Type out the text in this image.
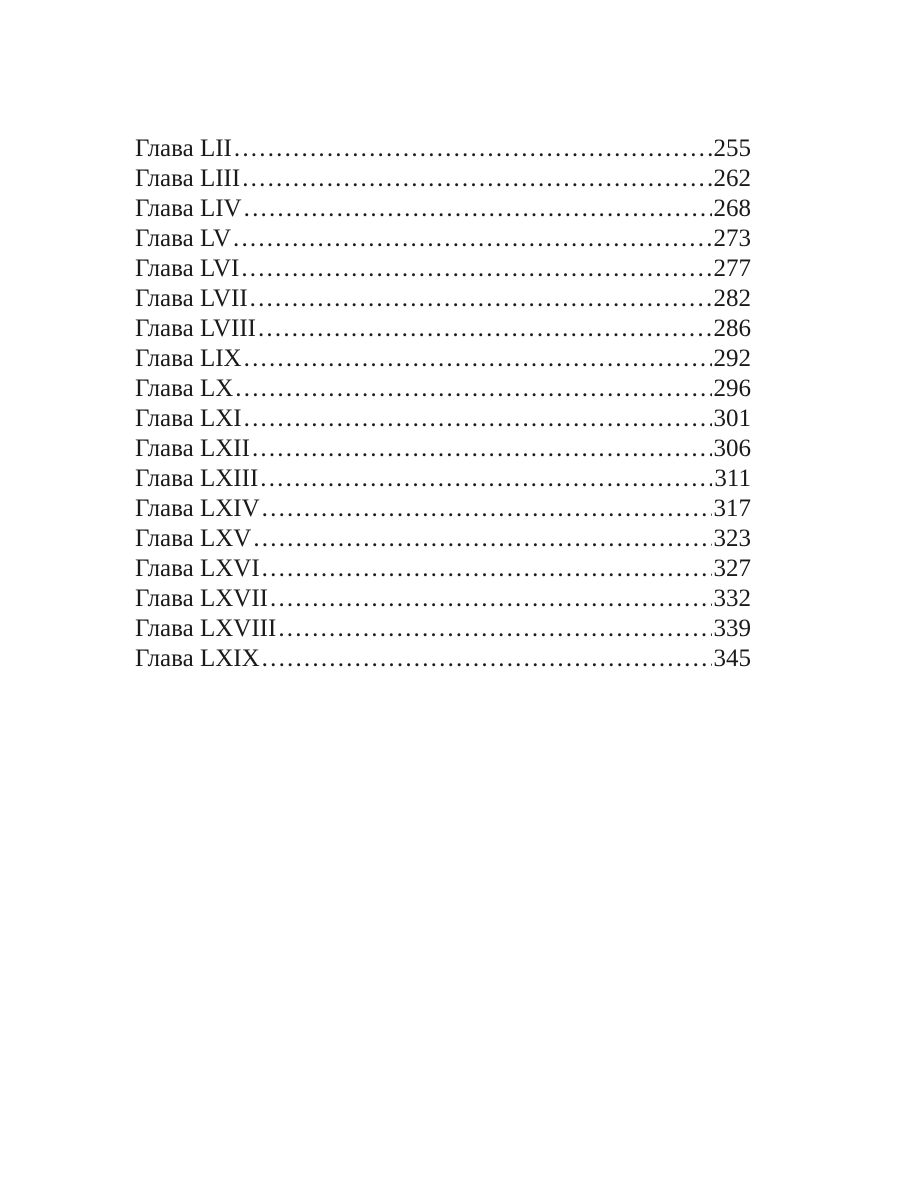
Глава LII .....	255
Глава LIII .....	262
Глава LIV .....	268
Глава LV .....	273
Глава LVI .....	277
Глава LVII .....	282
Глава LVIII .....	286
Глава LIX .....	292
Глава LX .....	296
Глава LXI .....	301
Глава LXII .....	306
Глава LXIII .....	311
Глава LXIV .....	317
Глава LXV .....	323
Глава LXVI .....	327
Глава LXVII .....	332
Глава LXVIII .....	339
Глава LXIX .....	345
